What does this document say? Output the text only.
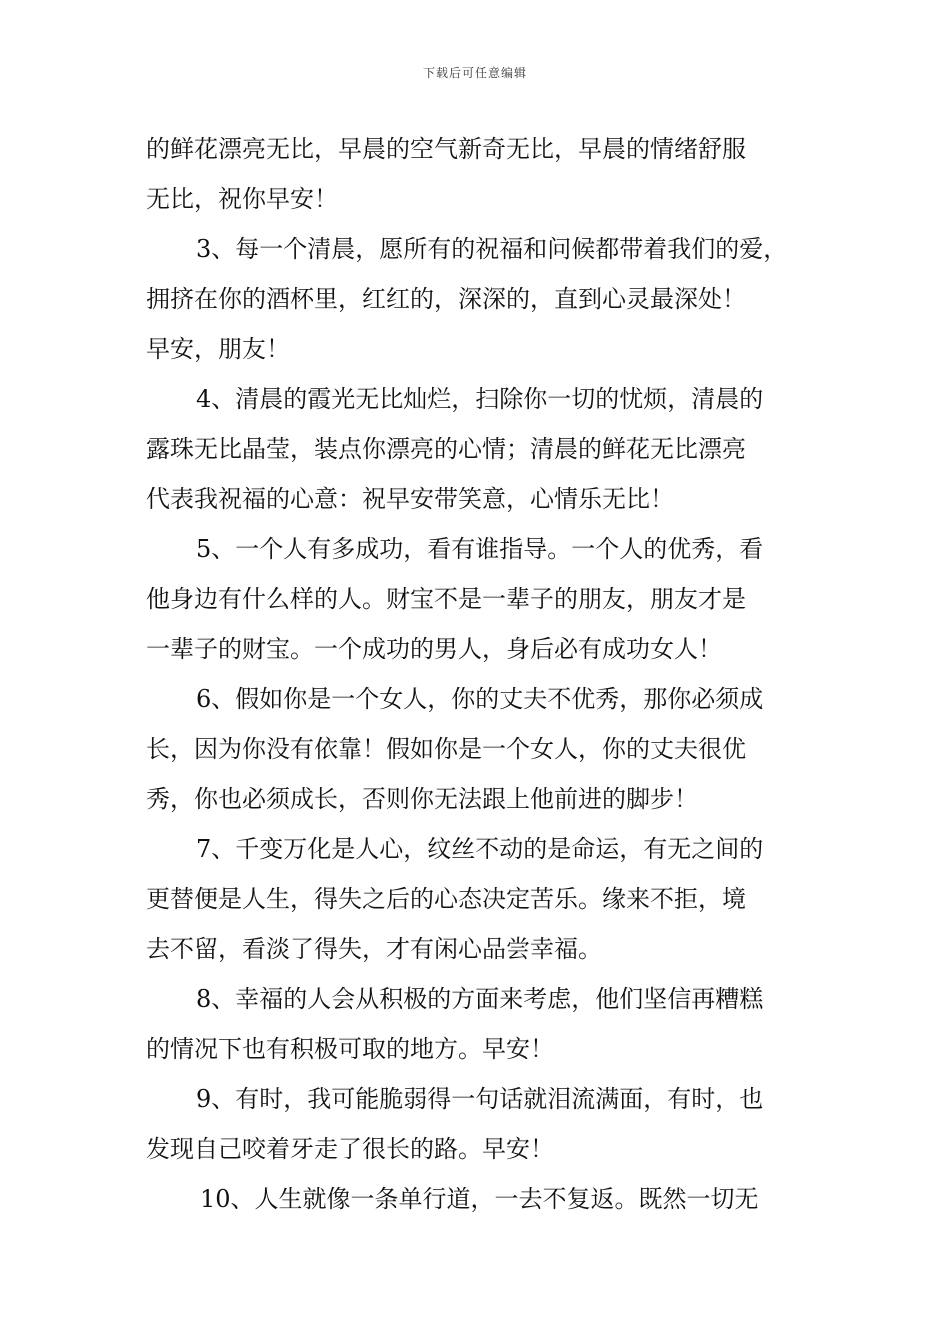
下载后可任意编辑
的鲜花漂亮无比，早晨的空气新奇无比，早晨的情绪舒服
无比，祝你早安！
3、每一个清晨，愿所有的祝福和问候都带着我们的爱，
拥挤在你的酒杯里，红红的，深深的，直到心灵最深处！
早安，朋友！
4、清晨的霞光无比灿烂，扫除你一切的忧烦，清晨的
露珠无比晶莹，装点你漂亮的心情；清晨的鲜花无比漂亮
代表我祝福的心意：祝早安带笑意，心情乐无比！
5、一个人有多成功，看有谁指导。一个人的优秀，看
他身边有什么样的人。财宝不是一辈子的朋友，朋友才是
一辈子的财宝。一个成功的男人，身后必有成功女人！
6、假如你是一个女人，你的丈夫不优秀，那你必须成
长，因为你没有依靠！假如你是一个女人，你的丈夫很优
秀，你也必须成长，否则你无法跟上他前进的脚步！
7、千变万化是人心，纹丝不动的是命运，有无之间的
更替便是人生，得失之后的心态决定苦乐。缘来不拒，境
去不留，看淡了得失，才有闲心品尝幸福。
8、幸福的人会从积极的方面来考虑，他们坚信再糟糕
的情况下也有积极可取的地方。早安！
9、有时，我可能脆弱得一句话就泪流满面，有时，也
发现自己咬着牙走了很长的路。早安！
10、人生就像一条单行道，一去不复返。既然一切无
